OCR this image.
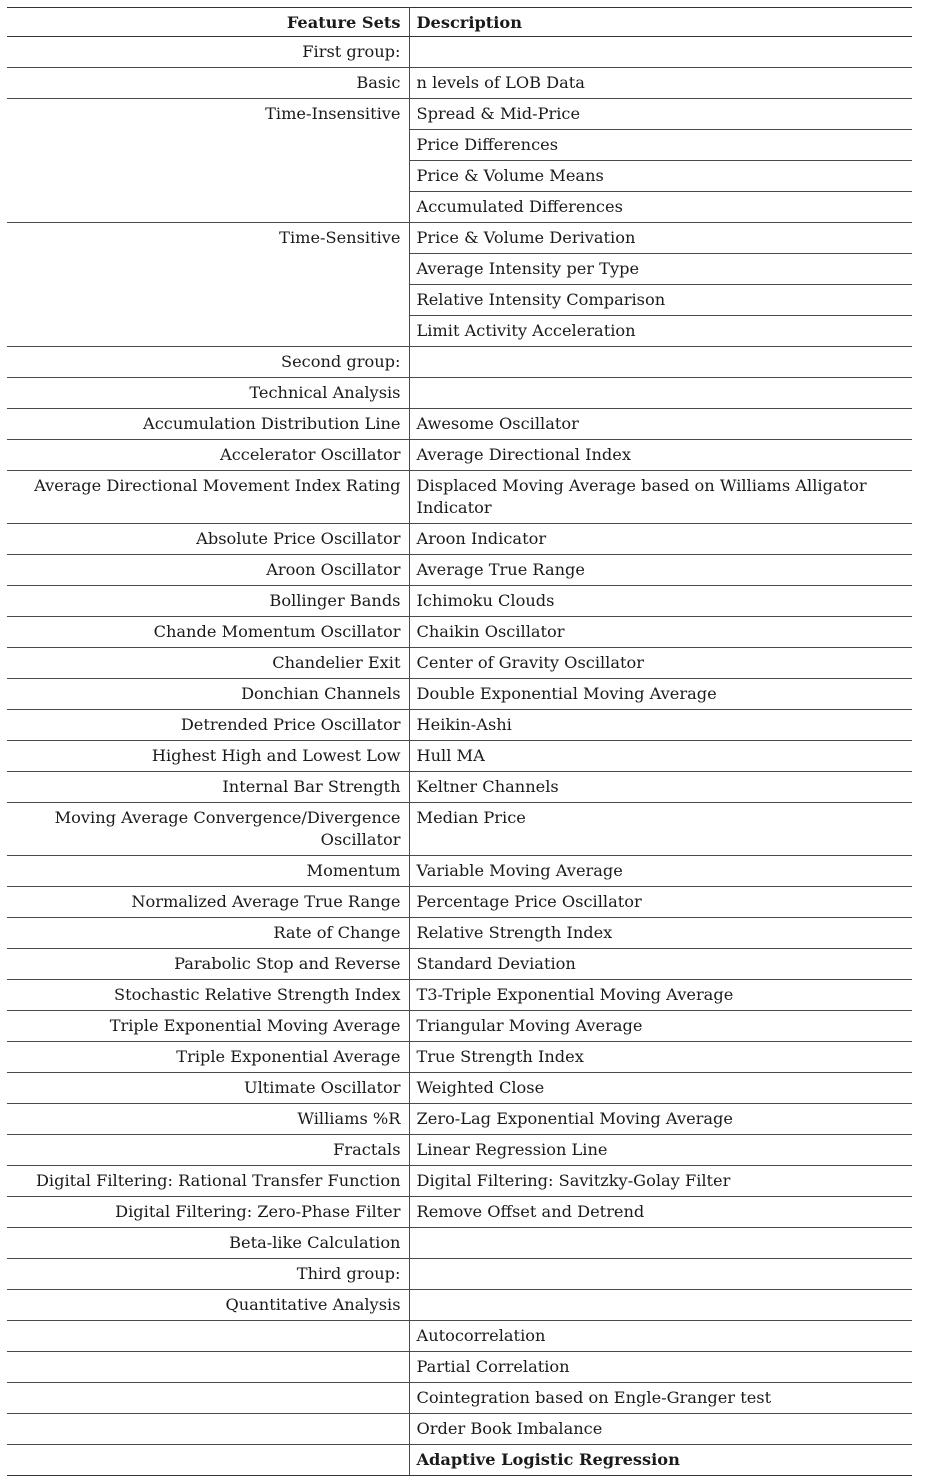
Feature Sets	Description
First group:	
Basic	n levels of LOB Data
Time-Insensitive	Spread & Mid-Price
	Price Differences
	Price & Volume Means
	Accumulated Differences
Time-Sensitive	Price & Volume Derivation
	Average Intensity per Type
	Relative Intensity Comparison
	Limit Activity Acceleration
Second group:	
Technical Analysis	
Accumulation Distribution Line	Awesome Oscillator
Accelerator Oscillator	Average Directional Index
Average Directional Movement Index Rating	Displaced Moving Average based on Williams Alligator Indicator
Absolute Price Oscillator	Aroon Indicator
Aroon Oscillator	Average True Range
Bollinger Bands	Ichimoku Clouds
Chande Momentum Oscillator	Chaikin Oscillator
Chandelier Exit	Center of Gravity Oscillator
Donchian Channels	Double Exponential Moving Average
Detrended Price Oscillator	Heikin-Ashi
Highest High and Lowest Low	Hull MA
Internal Bar Strength	Keltner Channels
Moving Average Convergence/Divergence Oscillator	Median Price
Momentum	Variable Moving Average
Normalized Average True Range	Percentage Price Oscillator
Rate of Change	Relative Strength Index
Parabolic Stop and Reverse	Standard Deviation
Stochastic Relative Strength Index	T3-Triple Exponential Moving Average
Triple Exponential Moving Average	Triangular Moving Average
Triple Exponential Average	True Strength Index
Ultimate Oscillator	Weighted Close
Williams %R	Zero-Lag Exponential Moving Average
Fractals	Linear Regression Line
Digital Filtering: Rational Transfer Function	Digital Filtering: Savitzky-Golay Filter
Digital Filtering: Zero-Phase Filter	Remove Offset and Detrend
Beta-like Calculation	
Third group:	
Quantitative Analysis	
	Autocorrelation
	Partial Correlation
	Cointegration based on Engle-Granger test
	Order Book Imbalance
	Adaptive Logistic Regression
